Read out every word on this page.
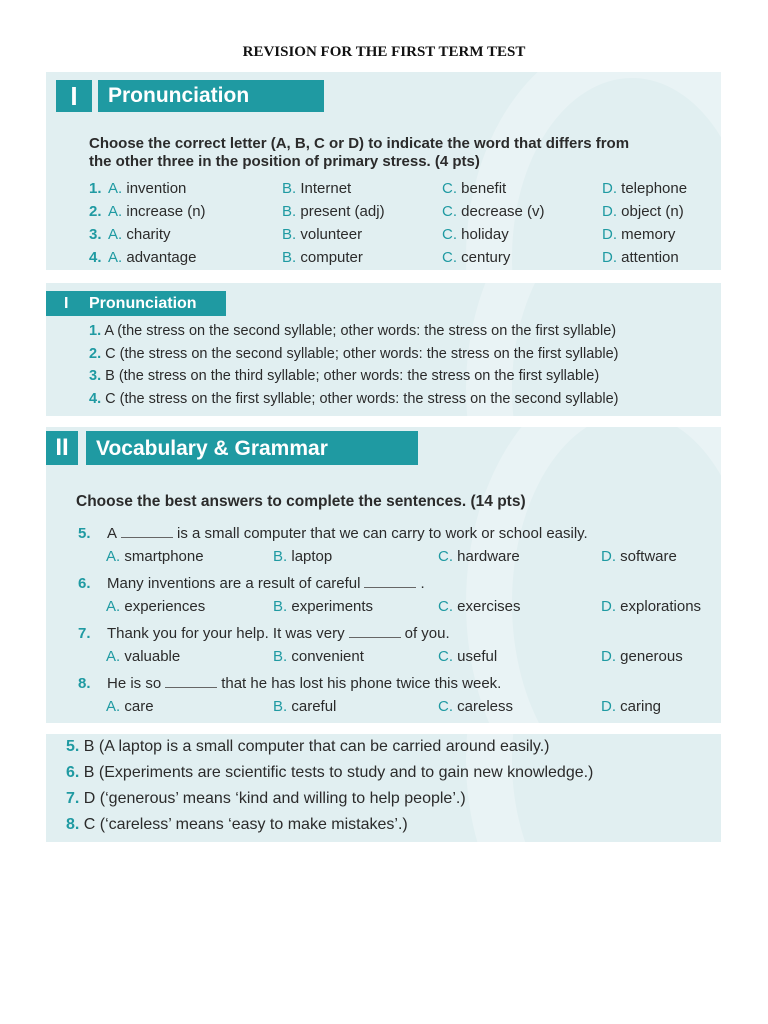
REVISION FOR THE FIRST TERM TEST
I	Pronunciation
Choose the correct letter (A, B, C or D) to indicate the word that differs from
the other three in the position of primary stress. (4 pts)
1. A. invention	B. Internet	C. benefit	D. telephone
2. A. increase (n)	B. present (adj)	C. decrease (v)	D. object (n)
3. A. charity	B. volunteer	C. holiday	D. memory
4. A. advantage	B. computer	C. century	D. attention
I Pronunciation
1. A (the stress on the second syllable; other words: the stress on the first syllable)
2. C (the stress on the second syllable; other words: the stress on the first syllable)
3. B (the stress on the third syllable; other words: the stress on the first syllable)
4. C (the stress on the first syllable; other words: the stress on the second syllable)
II	Vocabulary & Grammar
Choose the best answers to complete the sentences. (14 pts)
5. A	is a small computer that we can carry to work or school easily.
A. smartphone	B. laptop	C. hardware	D. software
6. Many inventions are a result of careful	.
A. experiences	B. experiments	C. exercises	D. explorations
7. Thank you for your help. It was very	of you.
A. valuable	B. convenient	C. useful	D. generous
8. He is so	that he has lost his phone twice this week.
A. care	B. careful	C. careless	D. caring
5. B (A laptop is a small computer that can be carried around easily.)
6. B (Experiments are scientific tests to study and to gain new knowledge.)
7. D (‘generous’ means ‘kind and willing to help people’.)
8. C (‘careless’ means ‘easy to make mistakes’.)
